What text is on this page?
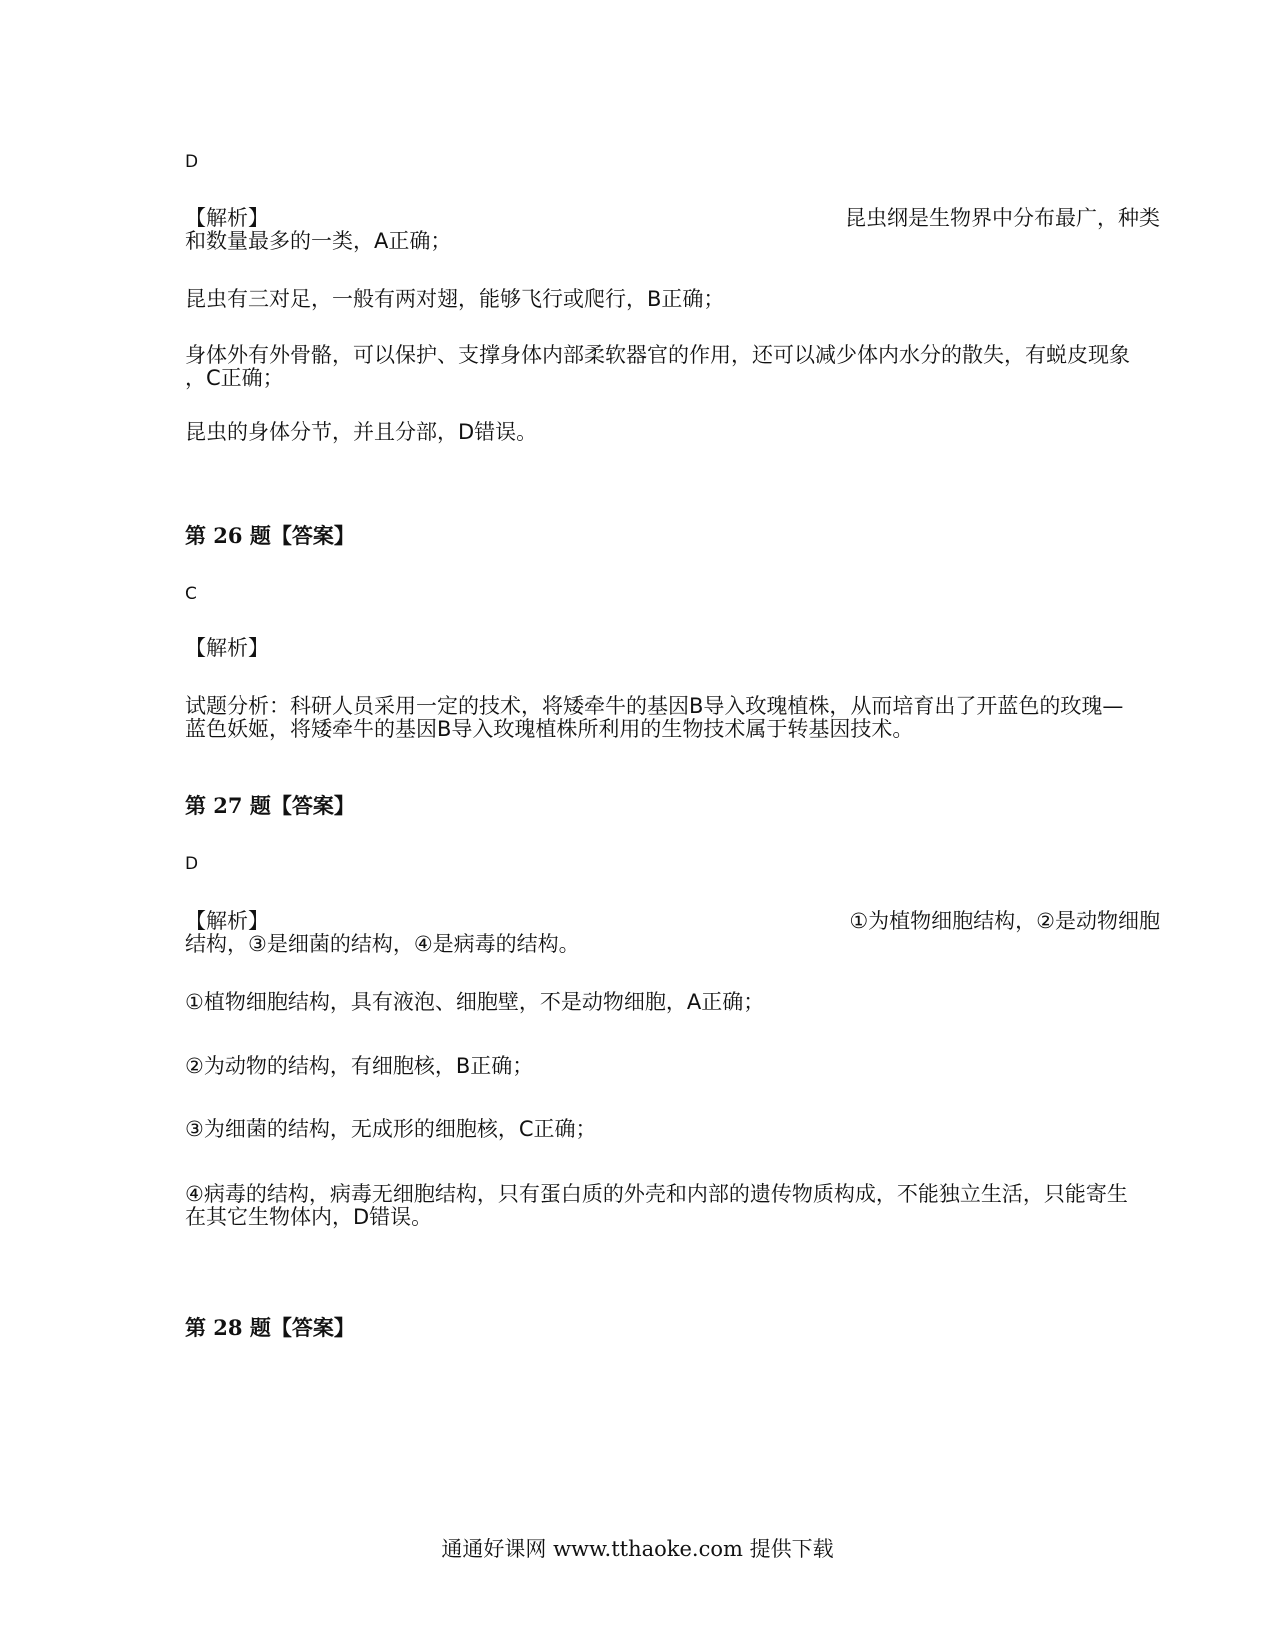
D
【解析】	昆虫纲是生物界中分布最广，种类
和数量最多的一类，A正确；
昆虫有三对足，一般有两对翅，能够飞行或爬行，B正确；
身体外有外骨骼，可以保护、支撑身体内部柔软器官的作用，还可以减少体内水分的散失，有蜕皮现象
，C正确；
昆虫的身体分节，并且分部，D错误。
第 26 题【答案】
C
【解析】
试题分析：科研人员采用一定的技术，将矮牵牛的基因B导入玫瑰植株，从而培育出了开蓝色的玫瑰—
蓝色妖姬，将矮牵牛的基因B导入玫瑰植株所利用的生物技术属于转基因技术。
第 27 题【答案】
D
【解析】	①为植物细胞结构，②是动物细胞
结构，③是细菌的结构，④是病毒的结构。
①植物细胞结构，具有液泡、细胞壁，不是动物细胞，A正确；
②为动物的结构，有细胞核，B正确；
③为细菌的结构，无成形的细胞核，C正确；
④病毒的结构，病毒无细胞结构，只有蛋白质的外壳和内部的遗传物质构成，不能独立生活，只能寄生
在其它生物体内，D错误。
第 28 题【答案】
通通好课网 www.tthaoke.com 提供下载
